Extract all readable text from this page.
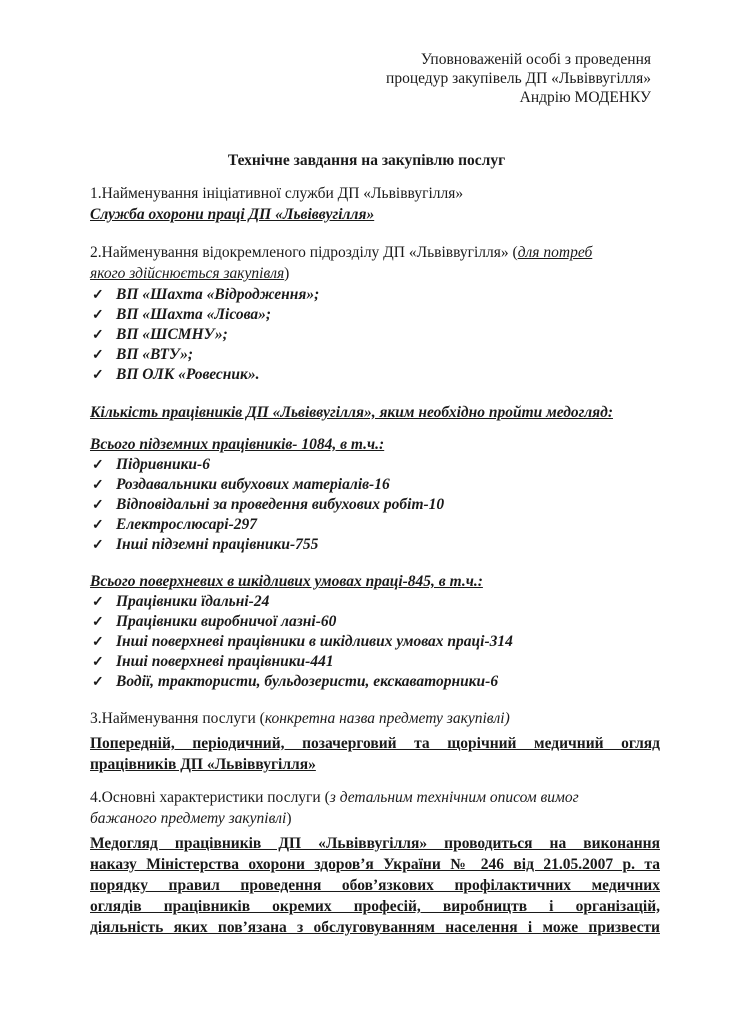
Уповноваженій особі з проведення
процедур закупівель ДП «Львіввугілля»
Андрію МОДЕНКУ
Технічне завдання на закупівлю послуг
1.Найменування ініціативної служби ДП «Львіввугілля»
Служба охорони праці ДП «Львіввугілля»
2.Найменування відокремленого підрозділу ДП «Львіввугілля» (для потреб
якого здійснюється закупівля)
✓ ВП «Шахта «Відродження»;
✓ ВП «Шахта «Лісова»;
✓ ВП «ШСМНУ»;
✓ ВП «ВТУ»;
✓ ВП ОЛК «Ровесник».
Кількість працівників ДП «Львіввугілля», яким необхідно пройти медогляд:
Всього підземних працівників- 1084, в т.ч.:
✓ Підривники-6
✓ Роздавальники вибухових матеріалів-16
✓ Відповідальні за проведення вибухових робіт-10
✓ Електрослюсарі-297
✓ Інші підземні працівники-755
Всього поверхневих в шкідливих умовах праці-845, в т.ч.:
✓ Працівники їдальні-24
✓ Працівники виробничої лазні-60
✓ Інші поверхневі працівники в шкідливих умовах праці-314
✓ Інші поверхневі працівники-441
✓ Водії, трактористи, бульдозеристи, екскаваторники-6
3.Найменування послуги (конкретна назва предмету закупівлі)
Попередній, періодичний, позачерговий та щорічний медичний огляд
працівників ДП «Львіввугілля»
4.Основні характеристики послуги (з детальним технічним описом вимог
бажаного предмету закупівлі)
Медогляд працівників ДП «Львіввугілля» проводиться на виконання
наказу Міністерства охорони здоров’я України № 246 від 21.05.2007 р. та
порядку правил проведення обов’язкових профілактичних медичних
оглядів працівників окремих професій, виробництв і організацій,
діяльність яких пов’язана з обслуговуванням населення і може призвести
